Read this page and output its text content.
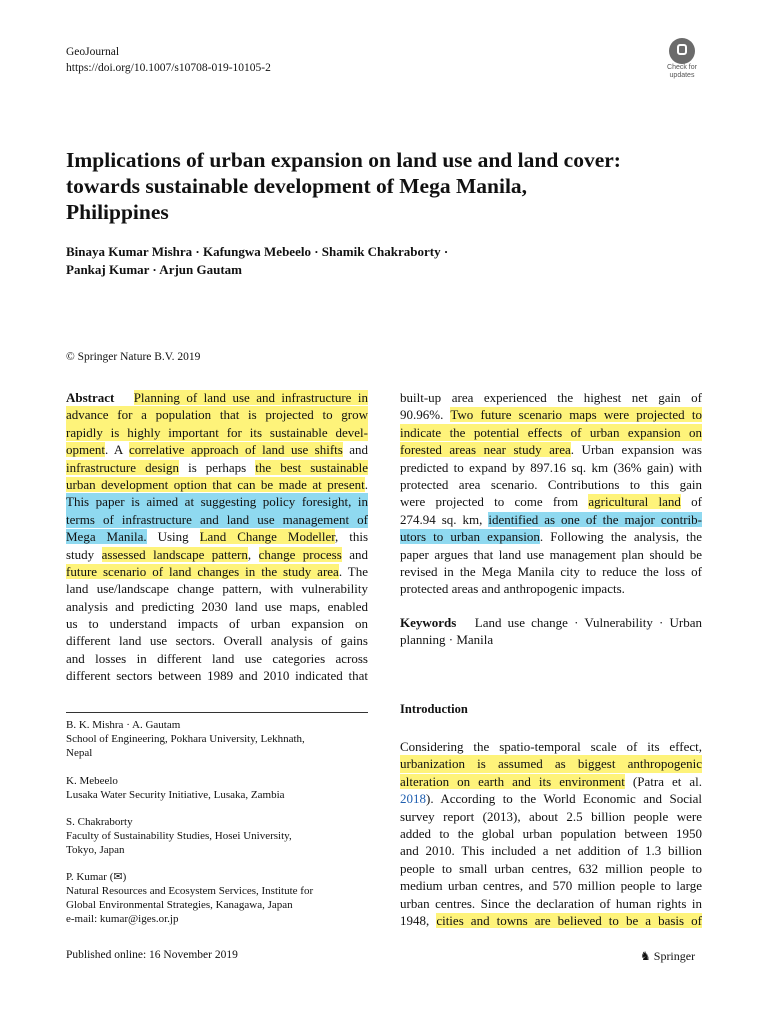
GeoJournal
https://doi.org/10.1007/s10708-019-10105-2	Check for
updates
Implications of urban expansion on land use and land cover:
towards sustainable development of Mega Manila,
Philippines
Binaya Kumar Mishra · Kafungwa Mebeelo · Shamik Chakraborty ·
Pankaj Kumar · Arjun Gautam
© Springer Nature B.V. 2019
Abstract Planning of land use and infrastructure in
advance for a population that is projected to grow
rapidly is highly important for its sustainable devel-
opment. A correlative approach of land use shifts and
infrastructure design is perhaps the best sustainable
urban development option that can be made at present.
This paper is aimed at suggesting policy foresight, in
terms of infrastructure and land use management of
Mega Manila. Using Land Change Modeller, this
study assessed landscape pattern, change process and
future scenario of land changes in the study area. The
land use/landscape change pattern, with vulnerability
analysis and predicting 2030 land use maps, enabled
us to understand impacts of urban expansion on
different land use sectors. Overall analysis of gains
and losses in different land use categories across
different sectors between 1989 and 2010 indicated that
built-up area experienced the highest net gain of
90.96%. Two future scenario maps were projected to
indicate the potential effects of urban expansion on
forested areas near study area. Urban expansion was
predicted to expand by 897.16 sq. km (36% gain) with
protected area scenario. Contributions to this gain
were projected to come from agricultural land of
274.94 sq. km, identified as one of the major contrib-
utors to urban expansion. Following the analysis, the
paper argues that land use management plan should be
revised in the Mega Manila city to reduce the loss of
protected areas and anthropogenic impacts.
Keywords Land use change · Vulnerability · Urban
planning · Manila
B. K. Mishra · A. Gautam
School of Engineering, Pokhara University, Lekhnath,
Nepal
K. Mebeelo
Lusaka Water Security Initiative, Lusaka, Zambia
S. Chakraborty
Faculty of Sustainability Studies, Hosei University,
Tokyo, Japan
P. Kumar (✉)
Natural Resources and Ecosystem Services, Institute for
Global Environmental Strategies, Kanagawa, Japan
e-mail: kumar@iges.or.jp
Introduction
Considering the spatio-temporal scale of its effect,
urbanization is assumed as biggest anthropogenic
alteration on earth and its environment (Patra et al.
2018). According to the World Economic and Social
survey report (2013), about 2.5 billion people were
added to the global urban population between 1950
and 2010. This included a net addition of 1.3 billion
people to small urban centres, 632 million people to
medium urban centres, and 570 million people to large
urban centres. Since the declaration of human rights in
1948, cities and towns are believed to be a basis of
Published online: 16 November 2019	♞ Springer
